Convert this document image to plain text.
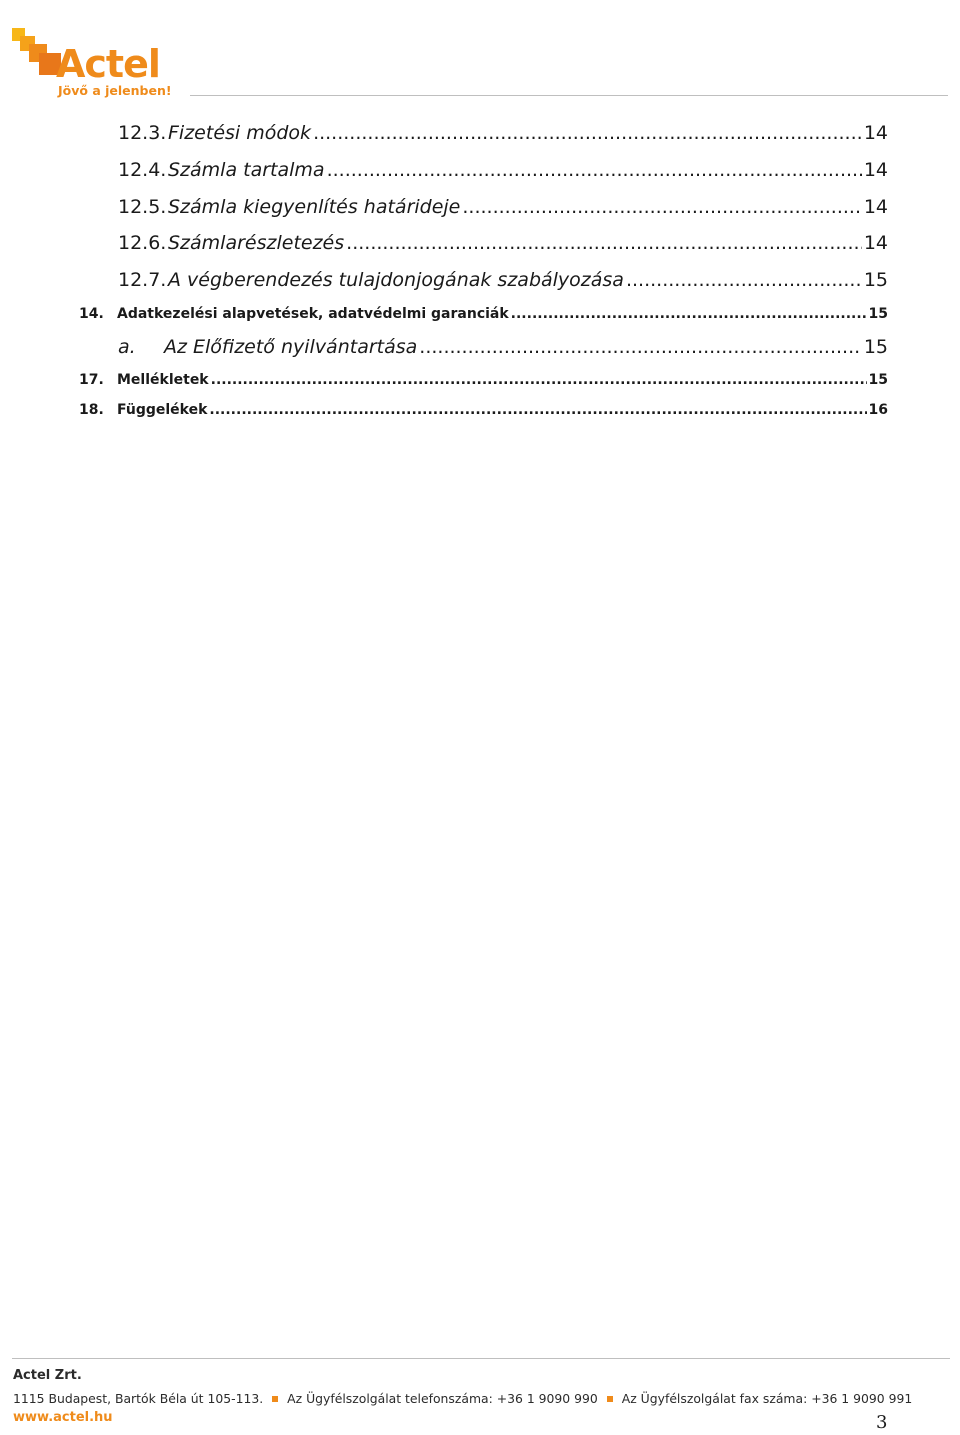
Actel
Jövő a jelenben!
12.3. Fizetési módok .....	14
12.4. Számla tartalma .....	14
12.5. Számla kiegyenlítés határideje .....	14
12.6. Számlarészletezés .....	14
12.7. A végberendezés tulajdonjogának szabályozása .....	15
14. Adatkezelési alapvetések, adatvédelmi garanciák .....	15
a.	Az Előfizető nyilvántartása .....	15
17. Mellékletek .....	15
18. Függelékek .....	16
Actel Zrt.
1115 Budapest, Bartók Béla út 105-113. Az Ügyfélszolgálat telefonszáma: +36 1 9090 990 Az Ügyfélszolgálat fax száma: +36 1 9090 991
www.actel.hu	3
